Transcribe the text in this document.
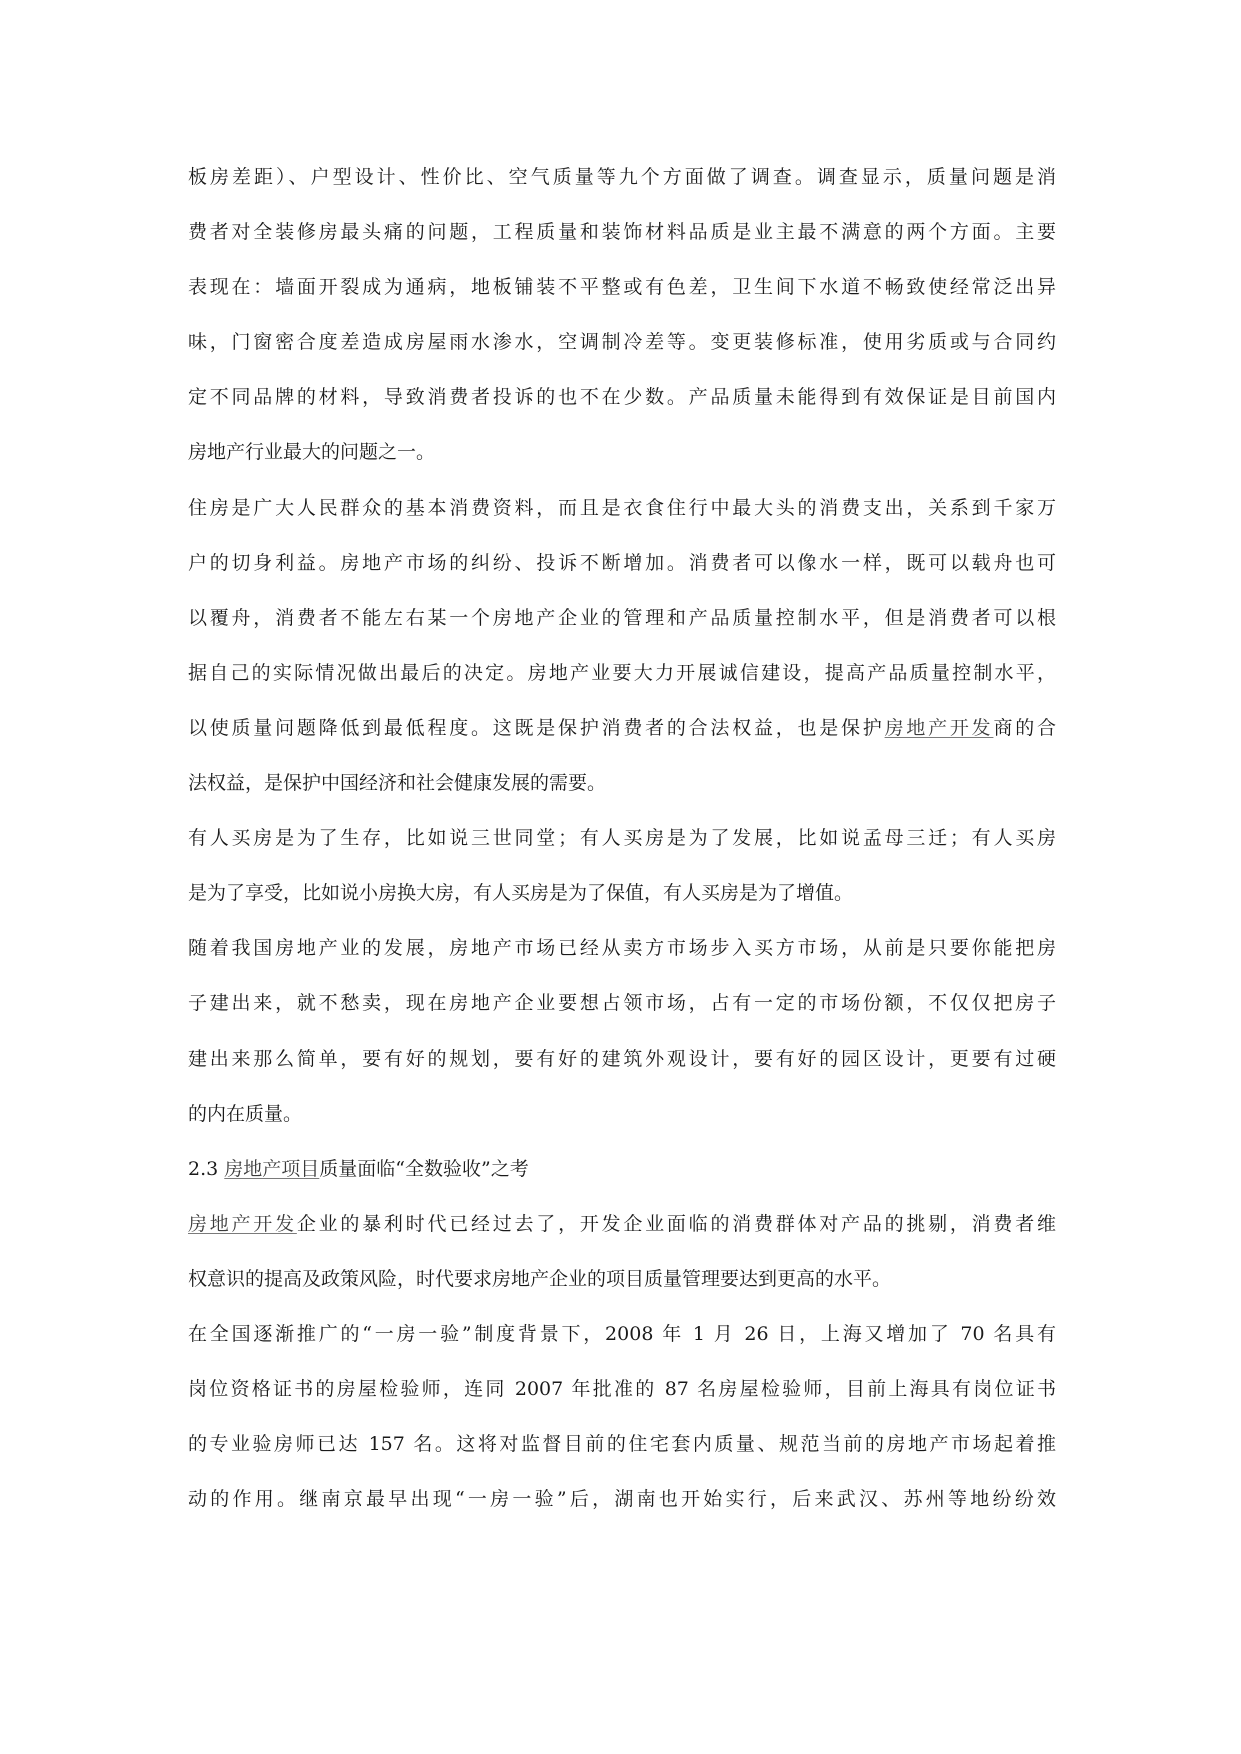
板房差距）、户型设计、性价比、空气质量等九个方面做了调查。调查显示，质量问题是消
费者对全装修房最头痛的问题，工程质量和装饰材料品质是业主最不满意的两个方面。主要
表现在：墙面开裂成为通病，地板铺装不平整或有色差，卫生间下水道不畅致使经常泛出异
味，门窗密合度差造成房屋雨水渗水，空调制冷差等。变更装修标准，使用劣质或与合同约
定不同品牌的材料，导致消费者投诉的也不在少数。产品质量未能得到有效保证是目前国内
房地产行业最大的问题之一。
住房是广大人民群众的基本消费资料，而且是衣食住行中最大头的消费支出，关系到千家万
户的切身利益。房地产市场的纠纷、投诉不断增加。消费者可以像水一样，既可以载舟也可
以覆舟，消费者不能左右某一个房地产企业的管理和产品质量控制水平，但是消费者可以根
据自己的实际情况做出最后的决定。房地产业要大力开展诚信建设，提高产品质量控制水平，
以使质量问题降低到最低程度。这既是保护消费者的合法权益，也是保护房地产开发商的合
法权益，是保护中国经济和社会健康发展的需要。
有人买房是为了生存，比如说三世同堂；有人买房是为了发展，比如说孟母三迁；有人买房
是为了享受，比如说小房换大房，有人买房是为了保值，有人买房是为了增值。
随着我国房地产业的发展，房地产市场已经从卖方市场步入买方市场，从前是只要你能把房
子建出来，就不愁卖，现在房地产企业要想占领市场，占有一定的市场份额，不仅仅把房子
建出来那么简单，要有好的规划，要有好的建筑外观设计，要有好的园区设计，更要有过硬
的内在质量。
2.3 房地产项目质量面临“全数验收”之考
房地产开发企业的暴利时代已经过去了，开发企业面临的消费群体对产品的挑剔，消费者维
权意识的提高及政策风险，时代要求房地产企业的项目质量管理要达到更高的水平。
在全国逐渐推广的“一房一验”制度背景下，2008 年 1 月 26 日，上海又增加了 70 名具有
岗位资格证书的房屋检验师，连同 2007 年批准的 87 名房屋检验师，目前上海具有岗位证书
的专业验房师已达 157 名。这将对监督目前的住宅套内质量、规范当前的房地产市场起着推
动的作用。继南京最早出现“一房一验”后，湖南也开始实行，后来武汉、苏州等地纷纷效
